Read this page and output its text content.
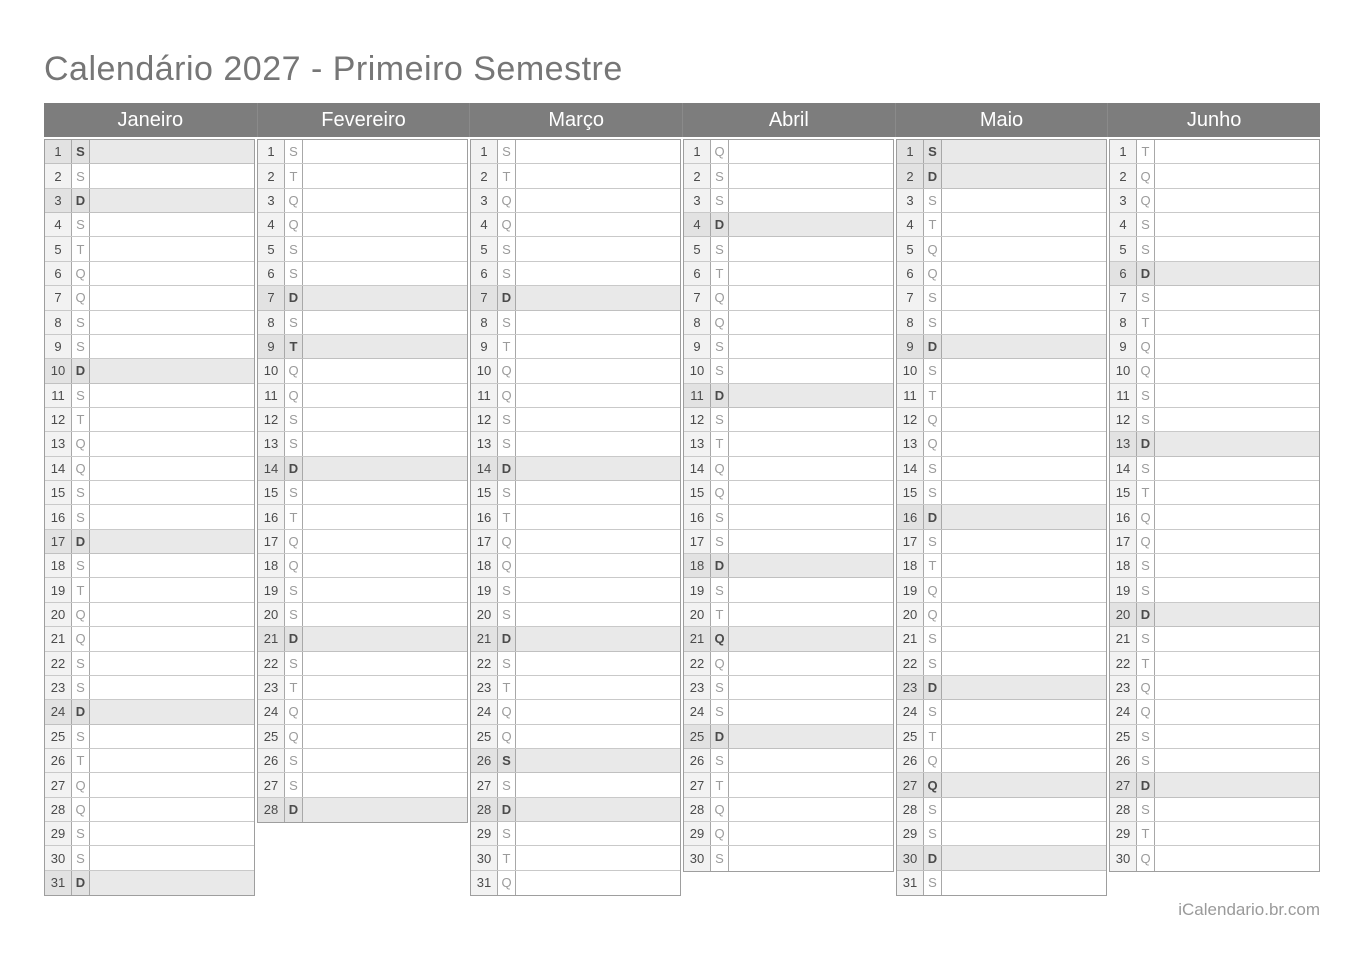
Calendário 2027 - Primeiro Semestre
Janeiro	Fevereiro	Março	Abril	Maio	Junho
1	S
2	S
3	D
4	S
5	T
6	Q
7	Q
8	S
9	S
10 D
11 S
12 T
13 Q
14 Q
15 S
16 S
17 D
18 S
19 T
20 Q
21 Q
22 S
23 S
24 D
25 S
26 T
27 Q
28 Q
29 S
30 S
31 D
1	S
2	T
3	Q
4	Q
5	S
6	S
7	D
8	S
9	T
10 Q
11 Q
12 S
13 S
14 D
15 S
16 T
17 Q
18 Q
19 S
20 S
21 D
22 S
23 T
24 Q
25 Q
26 S
27 S
28 D
1	S
2	T
3	Q
4	Q
5	S
6	S
7	D
8	S
9	T
10 Q
11 Q
12 S
13 S
14 D
15 S
16 T
17 Q
18 Q
19 S
20 S
21 D
22 S
23 T
24 Q
25 Q
26 S
27 S
28 D
29 S
30 T
31 Q
1	Q
2	S
3	S
4	D
5	S
6	T
7	Q
8	Q
9	S
10 S
11 D
12 S
13 T
14 Q
15 Q
16 S
17 S
18 D
19 S
20 T
21 Q
22 Q
23 S
24 S
25 D
26 S
27 T
28 Q
29 Q
30 S
1	S
2	D
3	S
4	T
5	Q
6	Q
7	S
8	S
9	D
10 S
11 T
12 Q
13 Q
14 S
15 S
16 D
17 S
18 T
19 Q
20 Q
21 S
22 S
23 D
24 S
25 T
26 Q
27 Q
28 S
29 S
30 D
31 S
1	T
2	Q
3	Q
4	S
5	S
6	D
7	S
8	T
9	Q
10 Q
11 S
12 S
13 D
14 S
15 T
16 Q
17 Q
18 S
19 S
20 D
21 S
22 T
23 Q
24 Q
25 S
26 S
27 D
28 S
29 T
30 Q
iCalendario.br.com
